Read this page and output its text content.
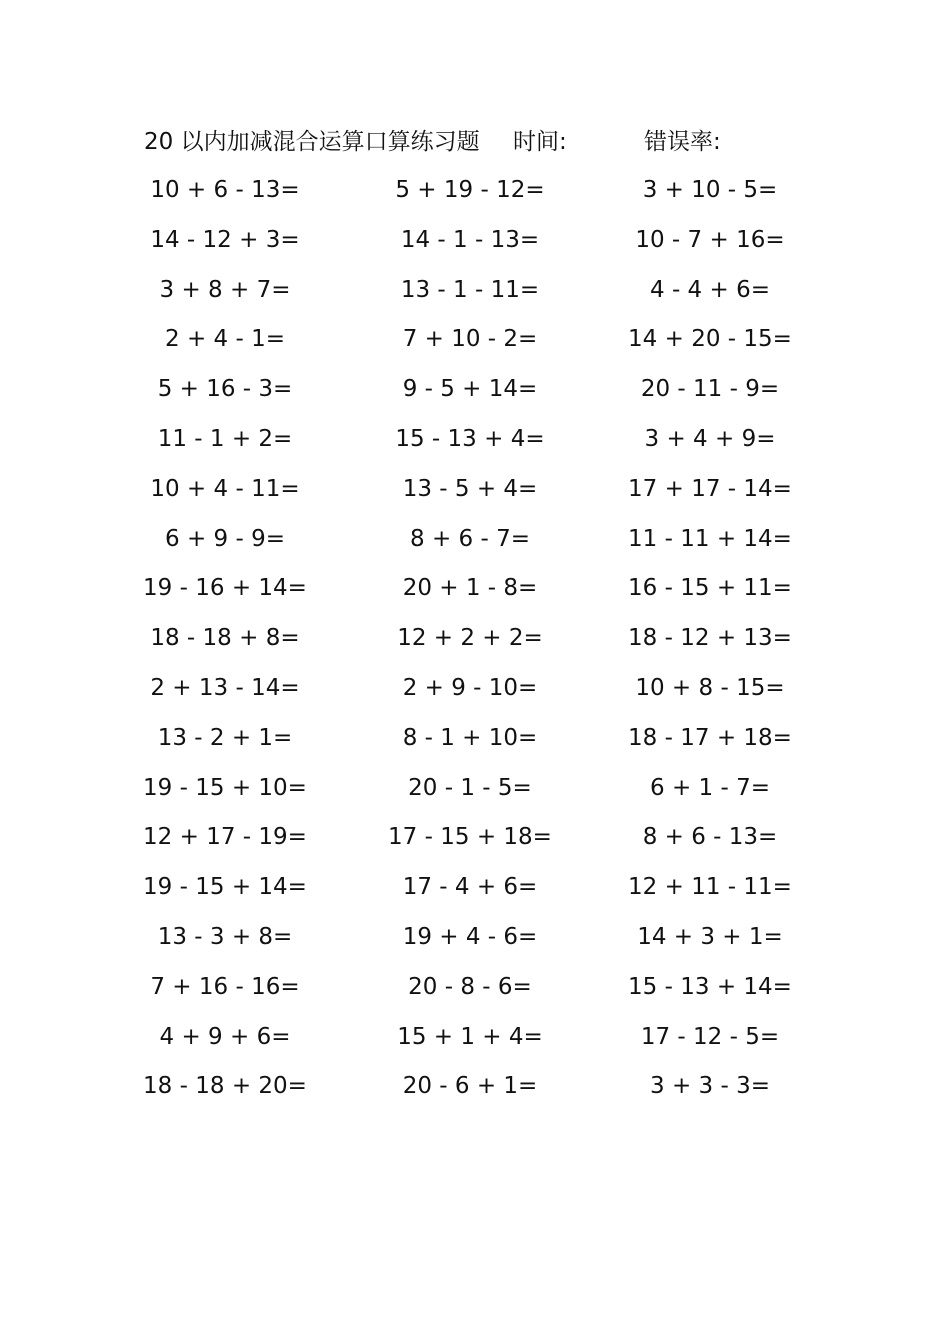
20 以内加减混合运算口算练习题 时间:	错误率:
10 + 6 - 13=	5 + 19 - 12=	3 + 10 - 5=
14 - 12 + 3=	14 - 1 - 13=	10 - 7 + 16=
3 + 8 + 7=	13 - 1 - 11=	4 - 4 + 6=
2 + 4 - 1=	7 + 10 - 2=	14 + 20 - 15=
5 + 16 - 3=	9 - 5 + 14=	20 - 11 - 9=
11 - 1 + 2=	15 - 13 + 4=	3 + 4 + 9=
10 + 4 - 11=	13 - 5 + 4=	17 + 17 - 14=
6 + 9 - 9=	8 + 6 - 7=	11 - 11 + 14=
19 - 16 + 14=	20 + 1 - 8=	16 - 15 + 11=
18 - 18 + 8=	12 + 2 + 2=	18 - 12 + 13=
2 + 13 - 14=	2 + 9 - 10=	10 + 8 - 15=
13 - 2 + 1=	8 - 1 + 10=	18 - 17 + 18=
19 - 15 + 10=	20 - 1 - 5=	6 + 1 - 7=
12 + 17 - 19=	17 - 15 + 18=	8 + 6 - 13=
19 - 15 + 14=	17 - 4 + 6=	12 + 11 - 11=
13 - 3 + 8=	19 + 4 - 6=	14 + 3 + 1=
7 + 16 - 16=	20 - 8 - 6=	15 - 13 + 14=
4 + 9 + 6=	15 + 1 + 4=	17 - 12 - 5=
18 - 18 + 20=	20 - 6 + 1=	3 + 3 - 3=
